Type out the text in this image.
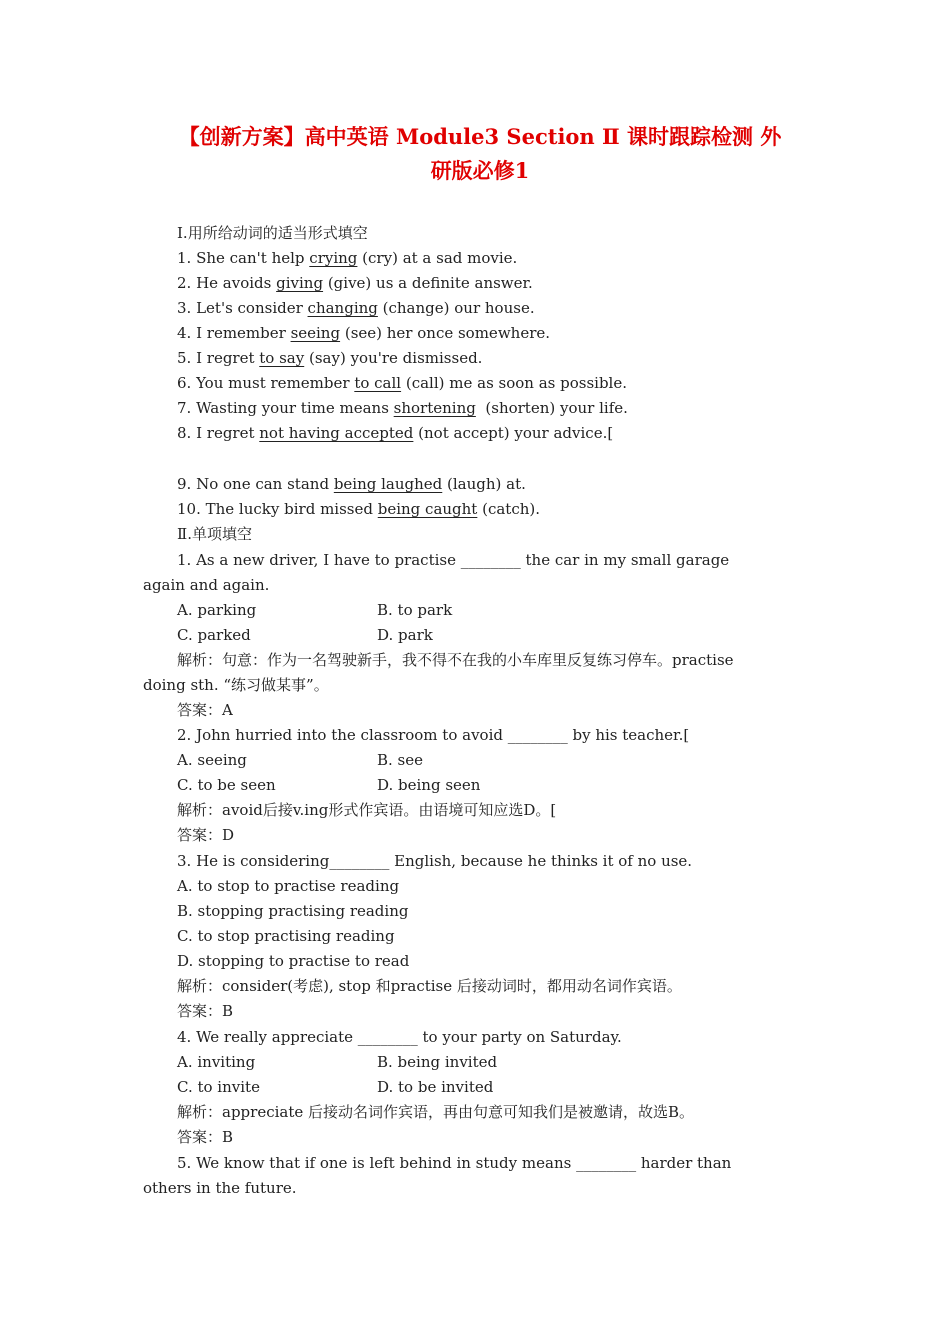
【创新方案】高中英语 Module3 Section Ⅱ 课时跟踪检测 外
研版必修1
Ⅰ.用所给动词的适当形式填空
1. She can't help crying (cry) at a sad movie.
2. He avoids giving (give) us a definite answer.
3. Let's consider changing (change) our house.
4. I remember seeing (see) her once somewhere.
5. I regret to say (say) you're dismissed.
6. You must remember to call (call) me as soon as possible.
7. Wasting your time means shortening  (shorten) your life.
8. I regret not having accepted (not accept) your advice.[
9. No one can stand being laughed (laugh) at.
10. The lucky bird missed being caught (catch).
Ⅱ.单项填空
1. As a new driver, I have to practise ________ the car in my small garage
again and again.
A. parking	B. to park
C. parked	D. park
解析：句意：作为一名驾驶新手，我不得不在我的小车库里反复练习停车。practise
doing sth. “练习做某事”。
答案：A
2. John hurried into the classroom to avoid ________ by his teacher.[
A. seeing	B. see
C. to be seen	D. being seen
解析：avoid后接v.ing形式作宾语。由语境可知应选D。[
答案：D
3. He is considering________ English, because he thinks it of no use.
A. to stop to practise reading
B. stopping practising reading
C. to stop practising reading
D. stopping to practise to read
解析：consider(考虑), stop 和practise 后接动词时，都用动名词作宾语。
答案：B
4. We really appreciate ________ to your party on Saturday.
A. inviting	B. being invited
C. to invite	D. to be invited
解析：appreciate 后接动名词作宾语，再由句意可知我们是被邀请，故选B。
答案：B
5. We know that if one is left behind in study means ________ harder than
others in the future.
